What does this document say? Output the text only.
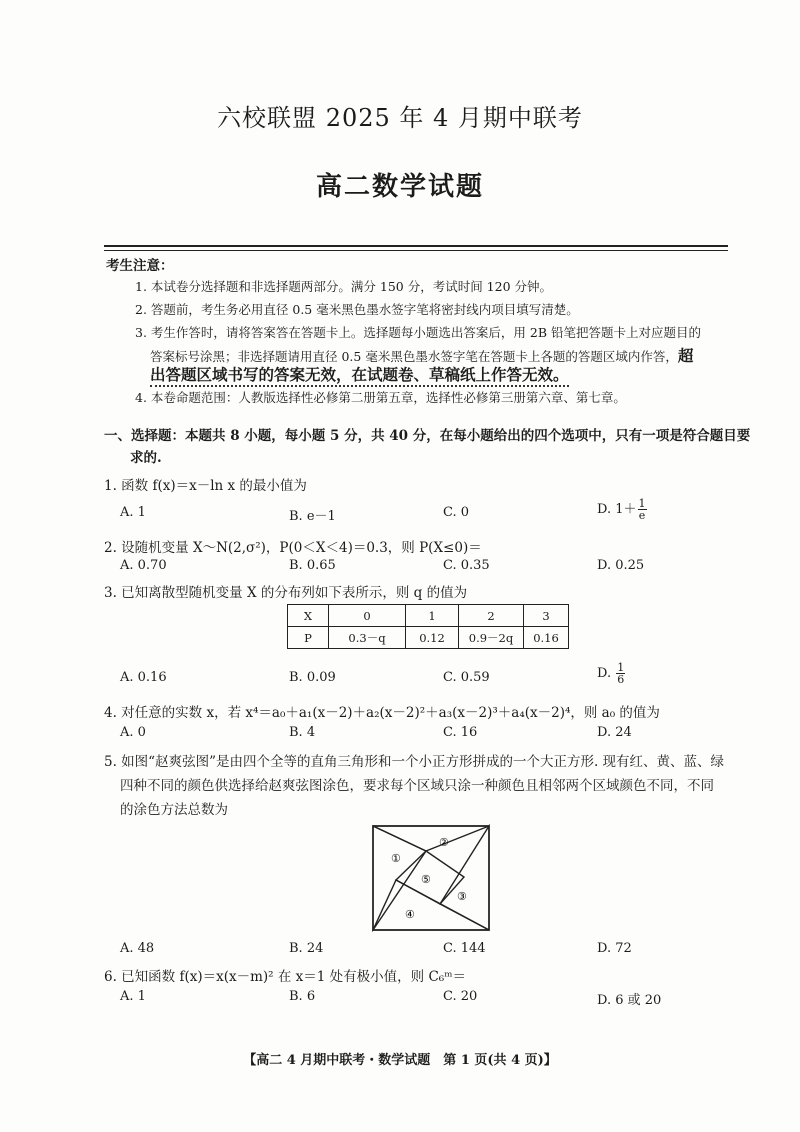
六校联盟 2025 年 4 月期中联考
高二数学试题
考生注意：
1. 本试卷分选择题和非选择题两部分。满分 150 分，考试时间 120 分钟。
2. 答题前，考生务必用直径 0.5 毫米黑色墨水签字笔将密封线内项目填写清楚。
3. 考生作答时，请将答案答在答题卡上。选择题每小题选出答案后，用 2B 铅笔把答题卡上对应题目的
答案标号涂黑；非选择题请用直径 0.5 毫米黑色墨水签字笔在答题卡上各题的答题区域内作答，超
出答题区域书写的答案无效，在试题卷、草稿纸上作答无效。
4. 本卷命题范围：人教版选择性必修第二册第五章，选择性必修第三册第六章、第七章。
一、选择题：本题共 8 小题，每小题 5 分，共 40 分，在每小题给出的四个选项中，只有一项是符合题目要
求的.
1. 函数 f(x)＝x－ln x 的最小值为
A. 1	B. e－1	C. 0	D. $1+ \frac{1}{e}$
2. 设随机变量 X～N(2,σ²)，P(0＜X＜4)＝0.3，则 P(X≤0)＝
A. 0.70	B. 0.65	C. 0.35	D. 0.25
3. 已知离散型随机变量 X 的分布列如下表所示，则 q 的值为
X	0	1	2	3
P	0.3－q	0.12	0.9－2q	0.16
A. 0.16	B. 0.09	C. 0.59	D. $\frac{1}{6}$
4. 对任意的实数 x，若 x⁴＝a₀＋a₁(x－2)＋a₂(x－2)²＋a₃(x－2)³＋a₄(x－2)⁴，则 a₀ 的值为
A. 0	B. 4	C. 16	D. 24
5. 如图“赵爽弦图”是由四个全等的直角三角形和一个小正方形拼成的一个大正方形. 现有红、黄、蓝、绿
四种不同的颜色供选择给赵爽弦图涂色，要求每个区域只涂一种颜色且相邻两个区域颜色不同，不同
的涂色方法总数为
①
②
③
④
⑤
A. 48	B. 24	C. 144	D. 72
6. 已知函数 f(x)＝x(x－m)² 在 x＝1 处有极小值，则 C₆ᵐ＝
A. 1	B. 6	C. 20	D. 6 或 20
【高二 4 月期中联考・数学试题　第 1 页(共 4 页)】
